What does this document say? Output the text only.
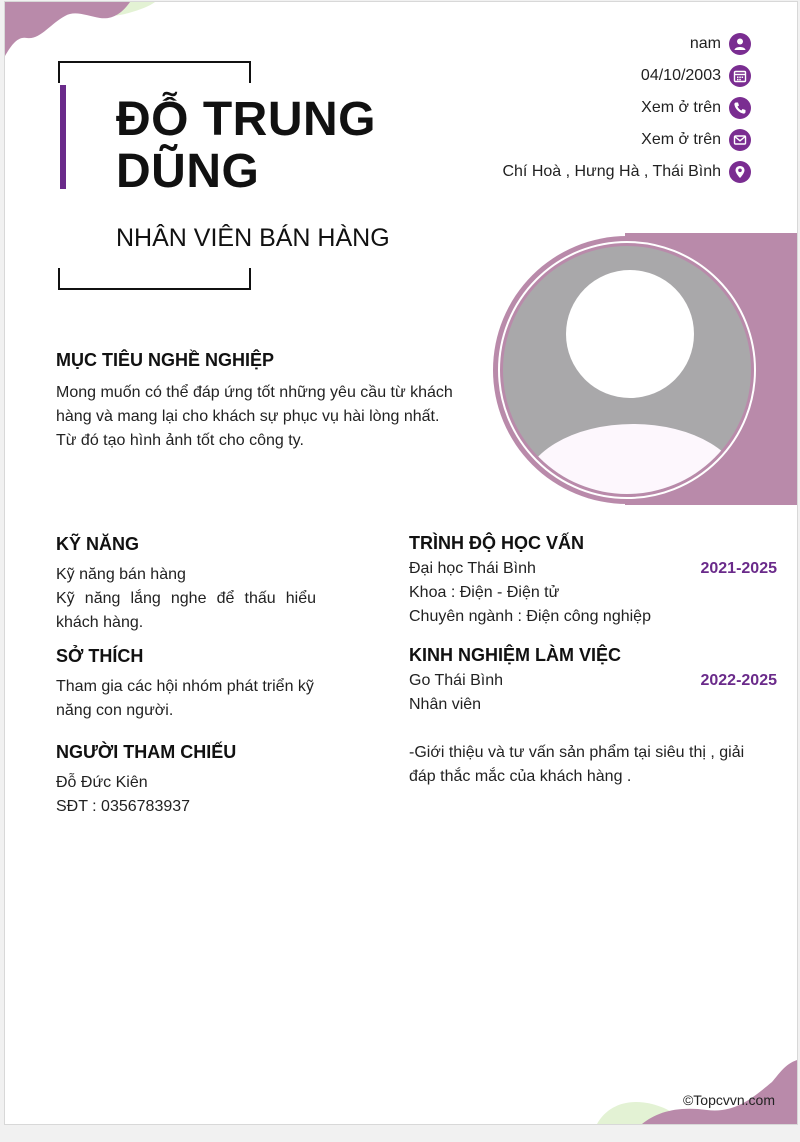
ĐỖ TRUNG
DŨNG
NHÂN VIÊN BÁN HÀNG
nam
04/10/2003
Xem ở trên
Xem ở trên
Chí Hoà , Hưng Hà , Thái Bình
MỤC TIÊU NGHỀ NGHIỆP
Mong muốn có thể đáp ứng tốt những yêu cầu từ khách
hàng và mang lại cho khách sự phục vụ hài lòng nhất.
Từ đó tạo hình ảnh tốt cho công ty.
KỸ NĂNG
Kỹ năng bán hàng
Kỹ năng lắng nghe để thấu hiểu
khách hàng.
SỞ THÍCH
Tham gia các hội nhóm phát triển kỹ
năng con người.
NGƯỜI THAM CHIẾU
Đỗ Đức Kiên
SĐT : 0356783937
TRÌNH ĐỘ HỌC VẤN
Đại học Thái Bình
Khoa : Điện - Điện tử
Chuyên ngành : Điện công nghiệp
2021-2025
KINH NGHIỆM LÀM VIỆC
Go Thái Bình
Nhân viên
2022-2025
-Giới thiệu và tư vấn sản phẩm tại siêu thị , giải
đáp thắc mắc của khách hàng .
©Topcvvn.com
